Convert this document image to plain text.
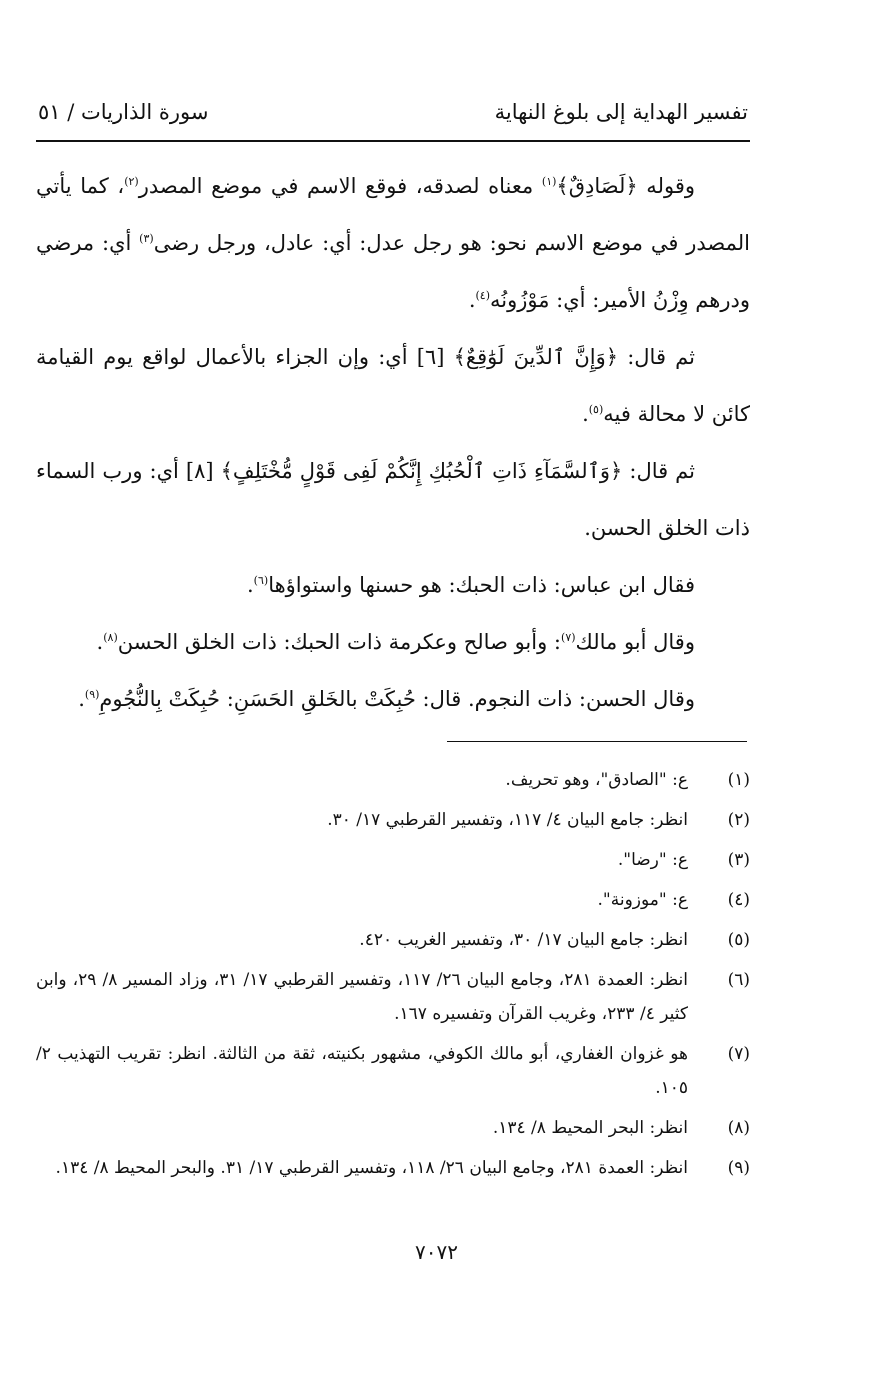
تفسير الهداية إلى بلوغ النهاية
سورة الذاريات / ٥١

وقوله ﴿لَصَادِقٌ﴾$^{(١)}$ معناه لصدقه، فوقع الاسم في موضع المصدر$^{(٢)}$، كما يأتي المصدر في موضع الاسم نحو: هو رجل عدل: أي: عادل، ورجل رضى$^{(٣)}$ أي: مرضي ودرهم وِزْنُ الأمير: أي: مَوْزُونُه$^{(٤)}$.

ثم قال: ﴿وَإِنَّ ٱلدِّينَ لَوَٰقِعٌ﴾ [٦] أي: وإن الجزاء بالأعمال لواقع يوم القيامة كائن لا محالة فيه$^{(٥)}$.

ثم قال: ﴿وَٱلسَّمَآءِ ذَاتِ ٱلْحُبُكِ إِنَّكُمْ لَفِى قَوْلٍ مُّخْتَلِفٍ﴾ [٨] أي: ورب السماء ذات الخلق الحسن.

فقال ابن عباس: ذات الحبك: هو حسنها واستواؤها$^{(٦)}$.

وقال أبو مالك$^{(٧)}$: وأبو صالح وعكرمة ذات الحبك: ذات الخلق الحسن$^{(٨)}$.

وقال الحسن: ذات النجوم. قال: حُبِكَتْ بالخَلقِ الحَسَنِ: حُبِكَتْ بِالنُّجُومِ$^{(٩)}$.

(١)
ع: "الصادق"، وهو تحريف.
(٢)
انظر: جامع البيان ٤/ ١١٧، وتفسير القرطبي ١٧/ ٣٠.
(٣)
ع: "رضا".
(٤)
ع: "موزونة".
(٥)
انظر: جامع البيان ١٧/ ٣٠، وتفسير الغريب ٤٢٠.
(٦)
انظر: العمدة ٢٨١، وجامع البيان ٢٦/ ١١٧، وتفسير القرطبي ١٧/ ٣١، وزاد المسير ٨/ ٢٩، وابن كثير ٤/ ٢٣٣، وغريب القرآن وتفسيره ١٦٧.
(٧)
هو غزوان الغفاري، أبو مالك الكوفي، مشهور بكنيته، ثقة من الثالثة. انظر: تقريب التهذيب ٢/ ١٠٥.
(٨)
انظر: البحر المحيط ٨/ ١٣٤.
(٩)
انظر: العمدة ٢٨١، وجامع البيان ٢٦/ ١١٨، وتفسير القرطبي ١٧/ ٣١. والبحر المحيط ٨/ ١٣٤.
٧٠٧٢
